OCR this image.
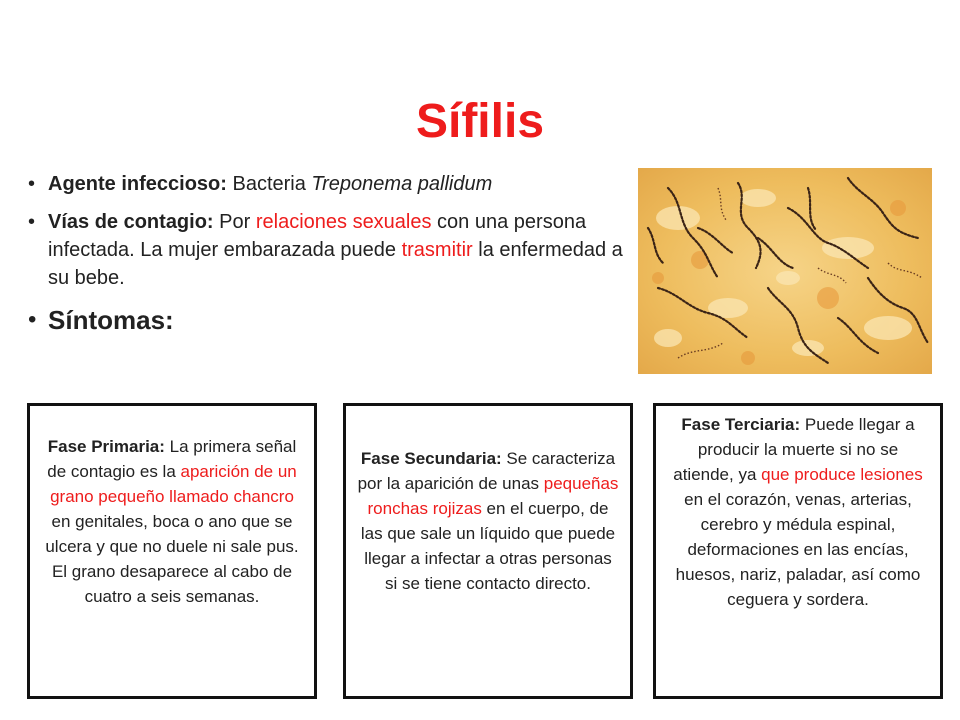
Sífilis
• Agente infeccioso: Bacteria Treponema pallidum
• Vías de contagio: Por relaciones sexuales con una persona infectada. La mujer embarazada puede trasmitir la enfermedad a su bebe.
• Síntomas:

Fase Primaria: La primera señal de contagio es la aparición de un grano pequeño llamado chancro en genitales, boca o ano que se ulcera y que no duele ni sale pus. El grano desaparece al cabo de cuatro a seis semanas.

Fase Secundaria: Se caracteriza por la aparición de unas pequeñas ronchas rojizas en el cuerpo, de las que sale un líquido que puede llegar a infectar a otras personas si se tiene contacto directo.

Fase Terciaria: Puede llegar a producir la muerte si no se atiende, ya que produce lesiones en el corazón, venas, arterias, cerebro y médula espinal, deformaciones en las encías, huesos, nariz, paladar, así como ceguera y sordera.
